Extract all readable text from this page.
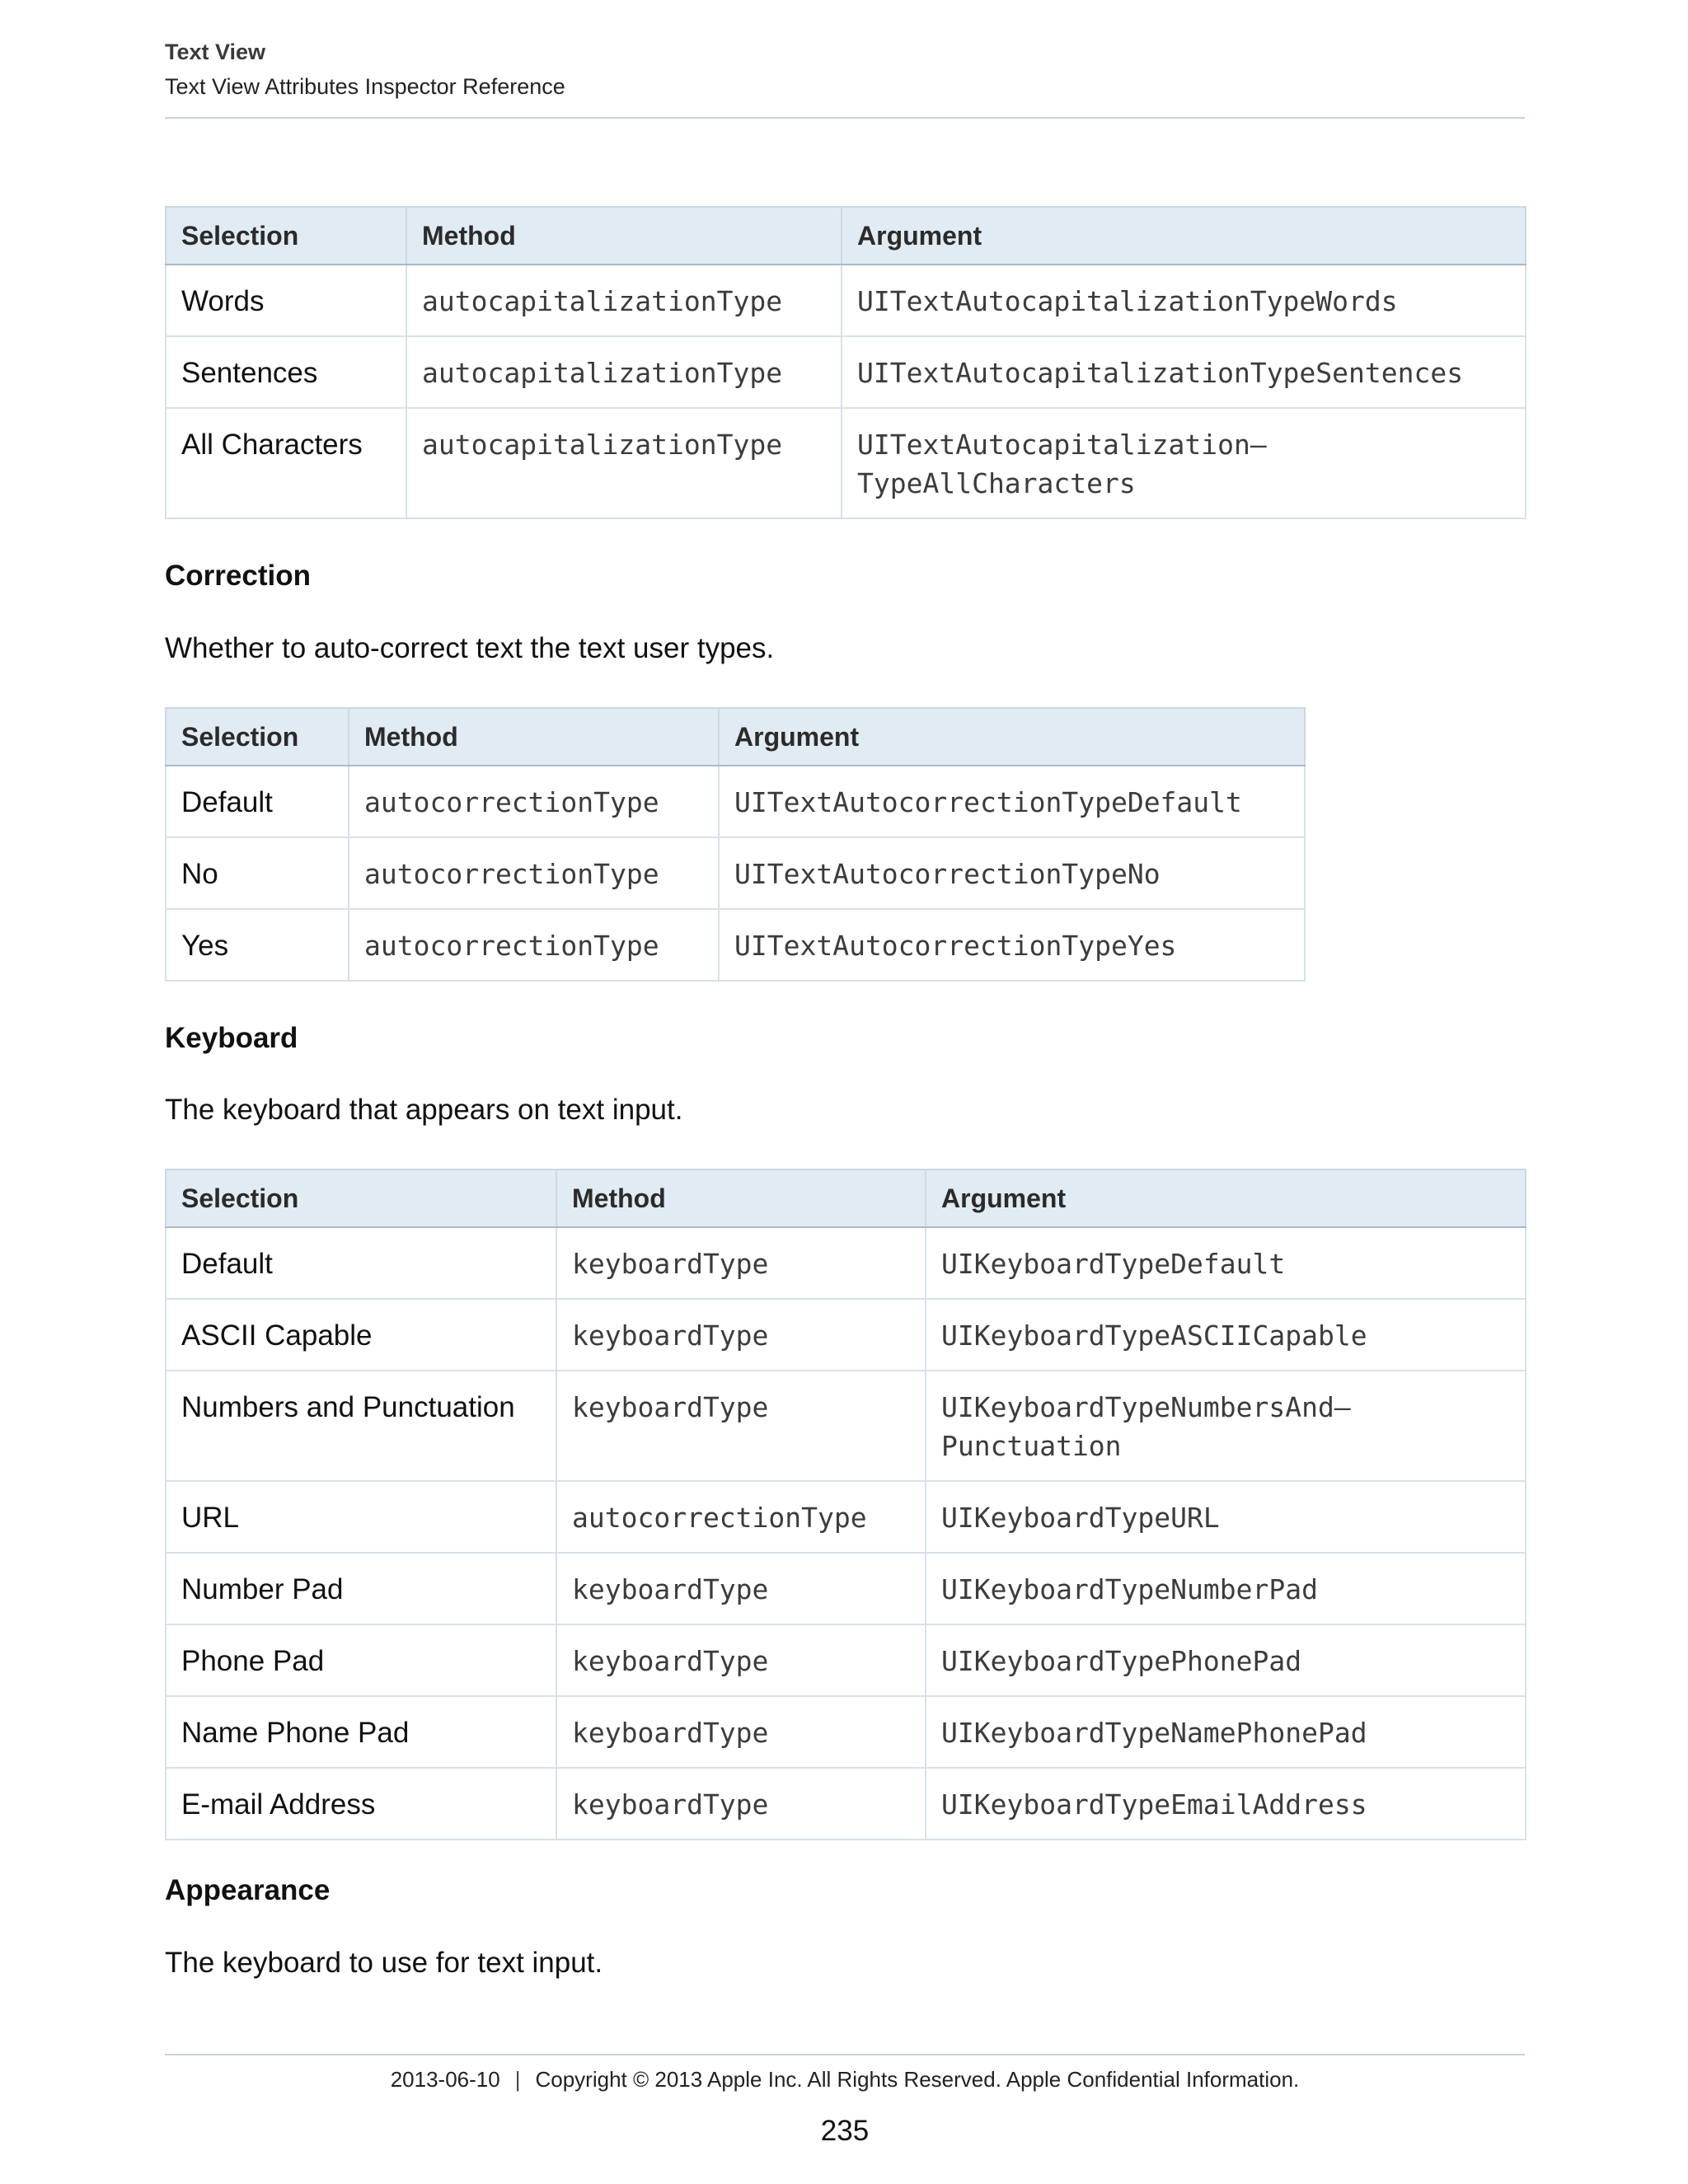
Text View
Text View Attributes Inspector Reference
Selection	Method	Argument
Words	autocapitalizationType	UITextAutocapitalizationTypeWords
Sentences	autocapitalizationType	UITextAutocapitalizationTypeSentences
All Characters	autocapitalizationType	UITextAutocapitalization–
TypeAllCharacters
Correction
Whether to auto-correct text the text user types.
Selection	Method	Argument
Default	autocorrectionType	UITextAutocorrectionTypeDefault
No	autocorrectionType	UITextAutocorrectionTypeNo
Yes	autocorrectionType	UITextAutocorrectionTypeYes
Keyboard
The keyboard that appears on text input.
Selection	Method	Argument
Default	keyboardType	UIKeyboardTypeDefault
ASCII Capable	keyboardType	UIKeyboardTypeASCIICapable
Numbers and Punctuation	keyboardType	UIKeyboardTypeNumbersAnd–
Punctuation
URL	autocorrectionType	UIKeyboardTypeURL
Number Pad	keyboardType	UIKeyboardTypeNumberPad
Phone Pad	keyboardType	UIKeyboardTypePhonePad
Name Phone Pad	keyboardType	UIKeyboardTypeNamePhonePad
E-mail Address	keyboardType	UIKeyboardTypeEmailAddress
Appearance
The keyboard to use for text input.
2013-06-10 | Copyright © 2013 Apple Inc. All Rights Reserved. Apple Confidential Information.
235
